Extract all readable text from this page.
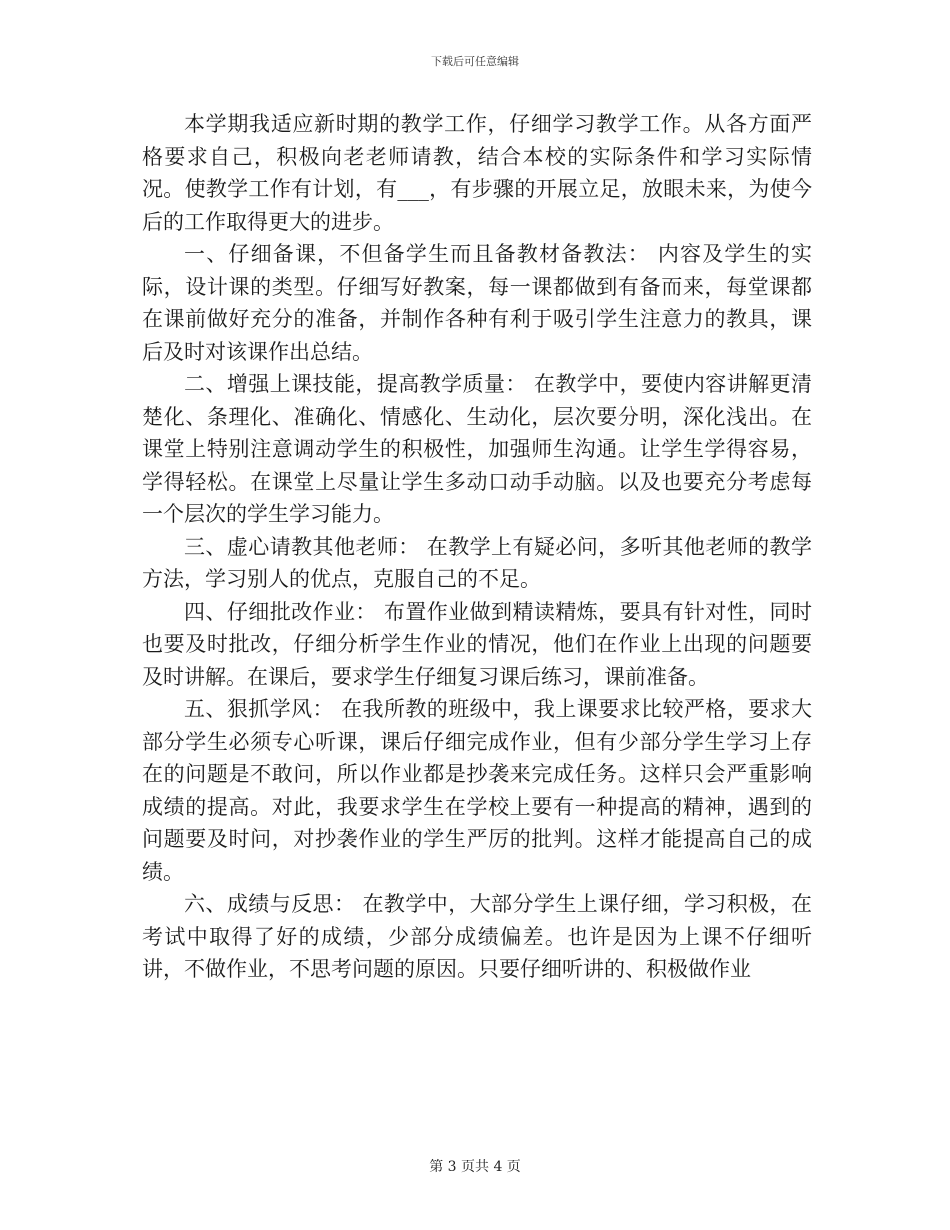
下载后可任意编辑

本学期我适应新时期的教学工作，仔细学习教学工作。从各方面严格要求自己，积极向老老师请教，结合本校的实际条件和学习实际情况。使教学工作有计划，有___，有步骤的开展立足，放眼未来，为使今后的工作取得更大的进步。

一、仔细备课，不但备学生而且备教材备教法： 内容及学生的实际，设计课的类型。仔细写好教案，每一课都做到有备而来，每堂课都在课前做好充分的准备，并制作各种有利于吸引学生注意力的教具，课后及时对该课作出总结。

二、增强上课技能，提高教学质量： 在教学中，要使内容讲解更清楚化、条理化、准确化、情感化、生动化，层次要分明，深化浅出。在课堂上特别注意调动学生的积极性，加强师生沟通。让学生学得容易，学得轻松。在课堂上尽量让学生多动口动手动脑。以及也要充分考虑每一个层次的学生学习能力。

三、虚心请教其他老师： 在教学上有疑必问，多听其他老师的教学方法，学习别人的优点，克服自己的不足。

四、仔细批改作业： 布置作业做到精读精炼，要具有针对性，同时也要及时批改，仔细分析学生作业的情况，他们在作业上出现的问题要及时讲解。在课后，要求学生仔细复习课后练习，课前准备。

五、狠抓学风： 在我所教的班级中，我上课要求比较严格，要求大部分学生必须专心听课，课后仔细完成作业，但有少部分学生学习上存在的问题是不敢问，所以作业都是抄袭来完成任务。这样只会严重影响成绩的提高。对此，我要求学生在学校上要有一种提高的精神，遇到的问题要及时问，对抄袭作业的学生严厉的批判。这样才能提高自己的成绩。

六、成绩与反思： 在教学中，大部分学生上课仔细，学习积极，在考试中取得了好的成绩，少部分成绩偏差。也许是因为上课不仔细听讲，不做作业，不思考问题的原因。只要仔细听讲的、积极做作业

第 3 页共 4 页
